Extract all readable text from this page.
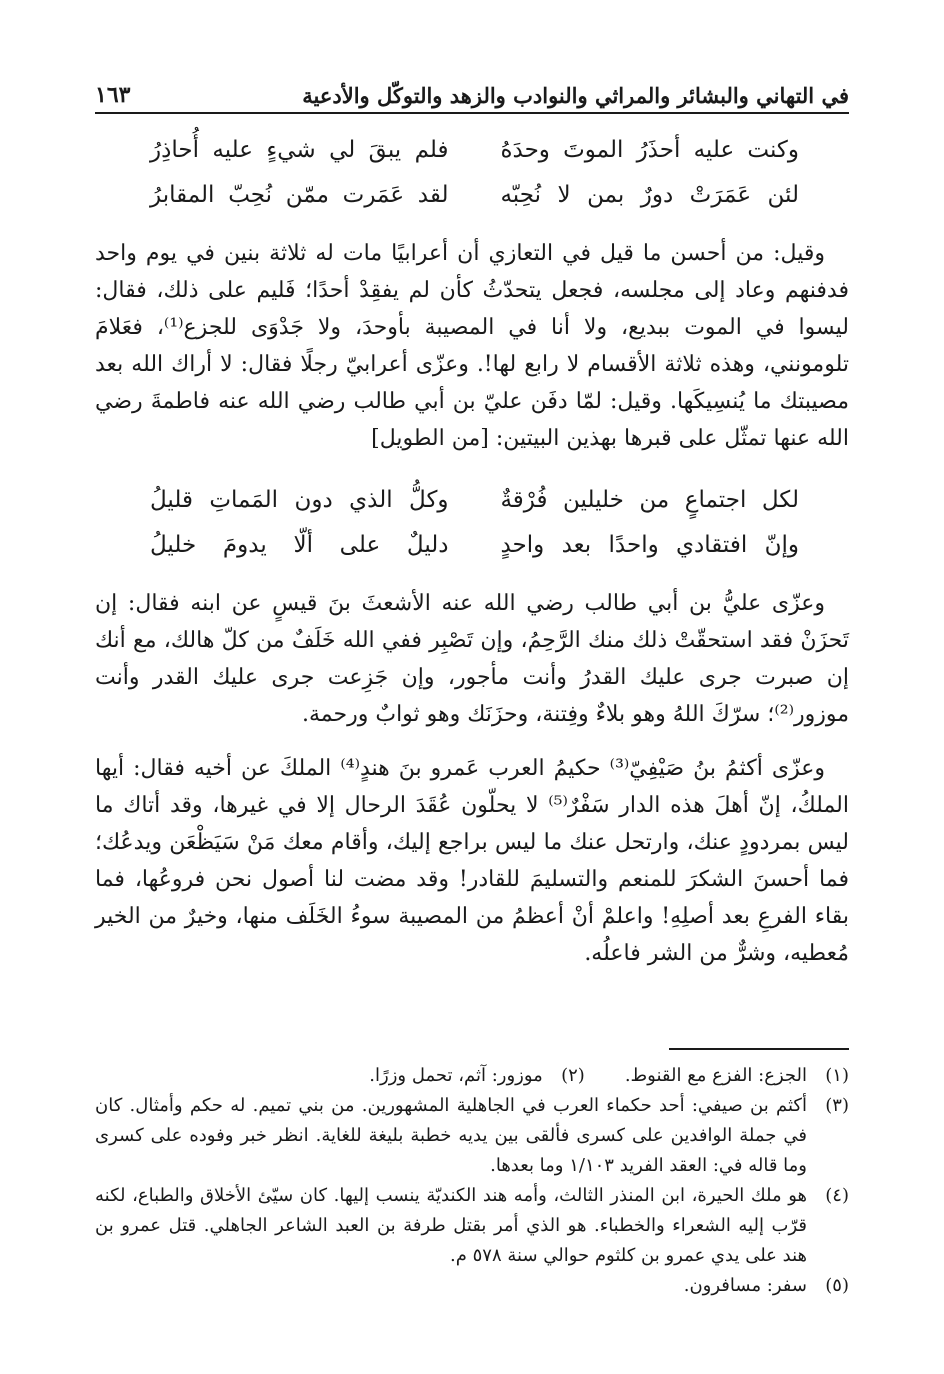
في التهاني والبشائر والمراثي والنوادب والزهد والتوكّل والأدعية
١٦٣
وكنت عليه أحذَرُ الموتَ وحدَهُ
فلم يبقَ لي شيءٍ عليه أُحاذِرُ
لئن عَمَرَتْ دورٌ بمن لا نُحِبّه
لقد عَمَرت ممّن نُحِبّ المقابرُ

وقيل: من أحسن ما قيل في التعازي أن أعرابيًا مات له ثلاثة بنين في يوم واحد فدفنهم وعاد إلى مجلسه، فجعل يتحدّثُ كأن لم يفقِدْ أحدًا؛ فَليم على ذلك، فقال: ليسوا في الموت ببديع، ولا أنا في المصيبة بأوحدَ، ولا جَدْوَى للجزع⁽¹⁾، فعَلامَ تلومونني، وهذه ثلاثة الأقسام لا رابع لها!. وعزّى أعرابيّ رجلًا فقال: لا أراك الله بعد مصيبتك ما يُنسِيكَها. وقيل: لمّا دفَن عليّ بن أبي طالب رضي الله عنه فاطمةَ رضي الله عنها تمثّل على قبرها بهذين البيتين: [من الطويل]

لكل اجتماعٍ من خليلين فُرْقةٌ
وكلُّ الذي دون المَماتِ قليلُ
وإنّ افتقادي واحدًا بعد واحدٍ
دليلٌ على ألّا يدومَ خليلُ

وعزّى عليُّ بن أبي طالب رضي الله عنه الأشعثَ بنَ قيسٍ عن ابنه فقال: إن تَحزَنْ فقد استحقّتْ ذلك منك الرَّحِمُ، وإن تَصْبِر ففي الله خَلَفٌ من كلّ هالك، مع أنك إن صبرت جرى عليك القدرُ وأنت مأجور، وإن جَزِعت جرى عليك القدر وأنت موزور⁽²⁾؛ سرّكَ اللهُ وهو بلاءٌ وفِتنة، وحزَنَك وهو ثوابٌ ورحمة.

وعزّى أكثمُ بنُ صَيْفِيّ⁽³⁾ حكيمُ العرب عَمرو بنَ هندٍ⁽⁴⁾ الملكَ عن أخيه فقال: أيها الملكُ، إنّ أهلَ هذه الدار سَفْرٌ⁽⁵⁾ لا يحلّون عُقَدَ الرحال إلا في غيرها، وقد أتاك ما ليس بمردودٍ عنك، وارتحل عنك ما ليس براجع إليك، وأقام معك مَنْ سَيَظْعَن ويدعُك؛ فما أحسنَ الشكرَ للمنعم والتسليمَ للقادر! وقد مضت لنا أصول نحن فروعُها، فما بقاء الفرعِ بعد أصلِهِ! واعلمْ أنْ أعظمُ من المصيبة سوءُ الخَلَف منها، وخيرٌ من الخير مُعطيه، وشرٌّ من الشر فاعلُه.

(١)
الجزع: الفزع مع القنوط.
(٢)
موزور: آثم، تحمل وزرًا.
(٣)
أكثم بن صيفي: أحد حكماء العرب في الجاهلية المشهورين. من بني تميم. له حكم وأمثال. كان في جملة الوافدين على كسرى فألقى بين يديه خطبة بليغة للغاية. انظر خبر وفوده على كسرى وما قاله في: العقد الفريد ١/١٠٣ وما بعدها.
(٤)
هو ملك الحيرة، ابن المنذر الثالث، وأمه هند الكنديّة ينسب إليها. كان سيّئ الأخلاق والطباع، لكنه قرّب إليه الشعراء والخطباء. هو الذي أمر بقتل طرفة بن العبد الشاعر الجاهلي. قتل عمرو بن هند على يدي عمرو بن كلثوم حوالي سنة ٥٧٨ م.
(٥)
سفر: مسافرون.
